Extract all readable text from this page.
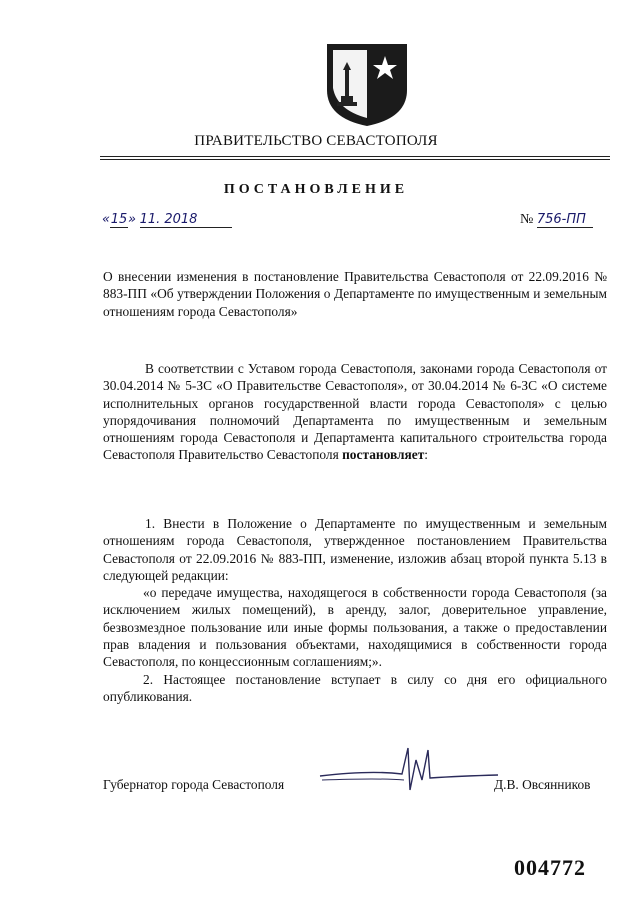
ПРАВИТЕЛЬСТВО СЕВАСТОПОЛЯ
ПОСТАНОВЛЕНИЕ
«15» 11. 2018	№ 756-ПП

О внесении изменения в постановление Правительства Севастополя от 22.09.2016 № 883-ПП «Об утверждении Положения о Департаменте по имущественным и земельным отношениям города Севастополя»

В соответствии с Уставом города Севастополя, законами города Севастополя от 30.04.2014 № 5-ЗС «О Правительстве Севастополя», от 30.04.2014 № 6-ЗС «О системе исполнительных органов государственной власти города Севастополя» с целью упорядочивания полномочий Департамента по имущественным и земельным отношениям города Севастополя и Департамента капитального строительства города Севастополя Правительство Севастополя постановляет:

1. Внести в Положение о Департаменте по имущественным и земельным отношениям города Севастополя, утвержденное постановлением Правительства Севастополя от 22.09.2016 № 883-ПП, изменение, изложив абзац второй пункта 5.13 в следующей редакции:

«о передаче имущества, находящегося в собственности города Севастополя (за исключением жилых помещений), в аренду, залог, доверительное управление, безвозмездное пользование или иные формы пользования, а также о предоставлении прав владения и пользования объектами, находящимися в собственности города Севастополя, по концессионным соглашениям;».

2. Настоящее постановление вступает в силу со дня его официального опубликования.

Губернатор города Севастополя	Д.В. Овсянников
004772
